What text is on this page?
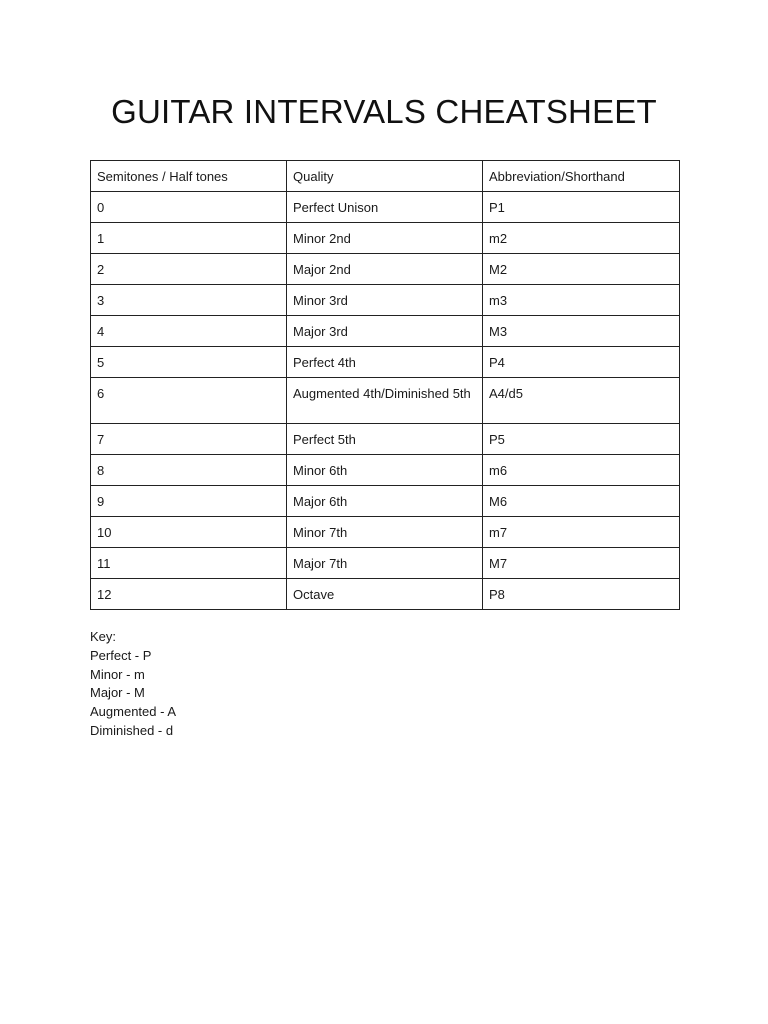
GUITAR INTERVALS CHEATSHEET
Semitones / Half tones	Quality	Abbreviation/Shorthand
0	Perfect Unison	P1
1	Minor 2nd	m2
2	Major 2nd	M2
3	Minor 3rd	m3
4	Major 3rd	M3
5	Perfect 4th	P4
6	Augmented 4th/Diminished 5th	A4/d5
7	Perfect 5th	P5
8	Minor 6th	m6
9	Major 6th	M6
10	Minor 7th	m7
11	Major 7th	M7
12	Octave	P8
Key:
Perfect - P
Minor - m
Major - M
Augmented - A
Diminished - d
